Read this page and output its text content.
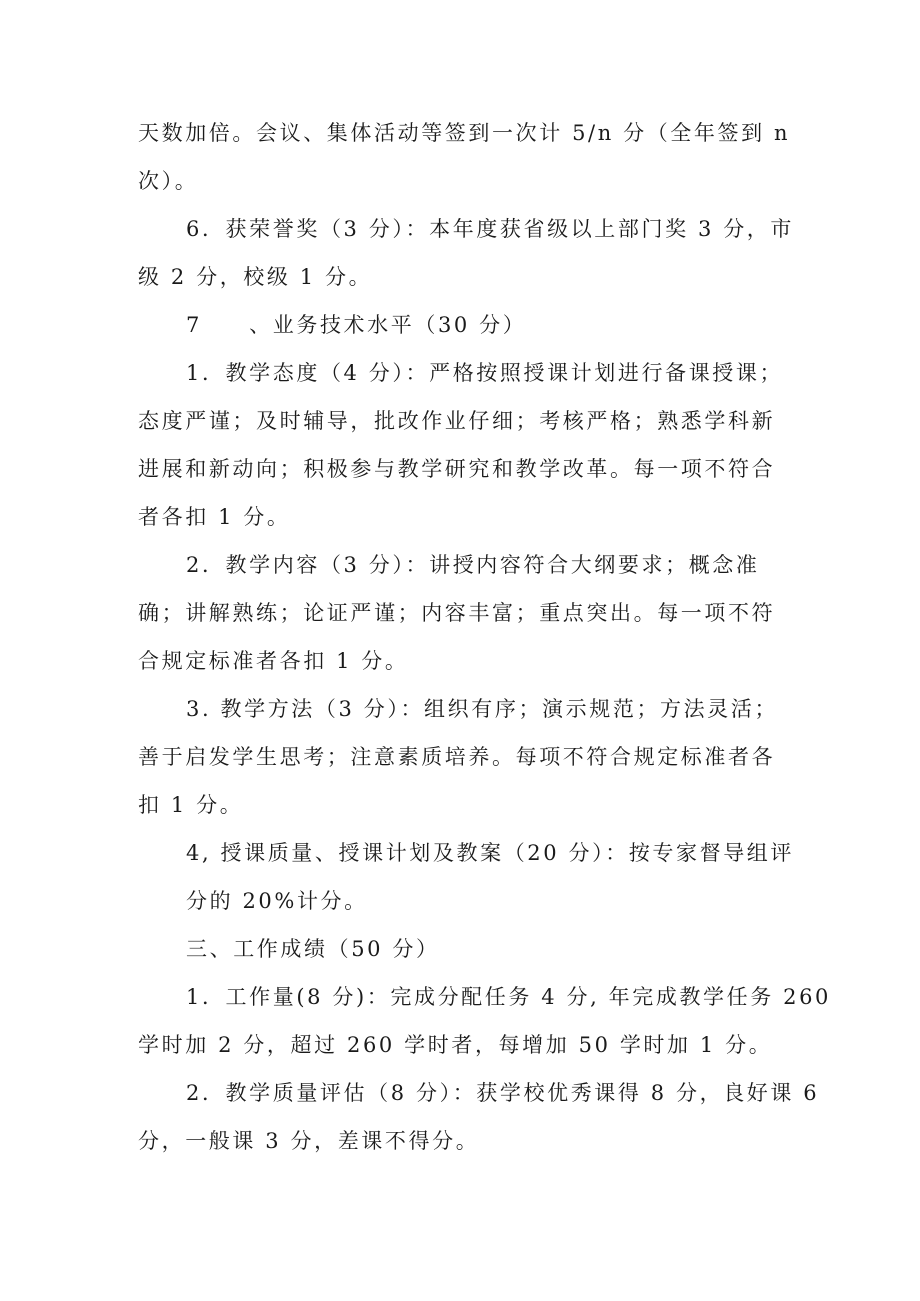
天数加倍。会议、集体活动等签到一次计 5/n 分（全年签到 n
次）。
6．获荣誉奖（3 分）：本年度获省级以上部门奖 3 分，市
级 2 分，校级 1 分。
7　　、业务技术水平（30 分）
1．教学态度（4 分）：严格按照授课计划进行备课授课；
态度严谨；及时辅导，批改作业仔细；考核严格；熟悉学科新
进展和新动向；积极参与教学研究和教学改革。每一项不符合
者各扣 1 分。
2．教学内容（3 分）：讲授内容符合大纲要求；概念准
确；讲解熟练；论证严谨；内容丰富；重点突出。每一项不符
合规定标准者各扣 1 分。
3. 教学方法（3 分）：组织有序；演示规范；方法灵活；
善于启发学生思考；注意素质培养。每项不符合规定标准者各
扣 1 分。
4, 授课质量、授课计划及教案（20 分）：按专家督导组评
分的 20%计分。
三、工作成绩（50 分）
1．工作量(8 分)：完成分配任务 4 分, 年完成教学任务 260
学时加 2 分，超过 260 学时者，每增加 50 学时加 1 分。
2．教学质量评估（8 分）：获学校优秀课得 8 分，良好课 6
分，一般课 3 分，差课不得分。
